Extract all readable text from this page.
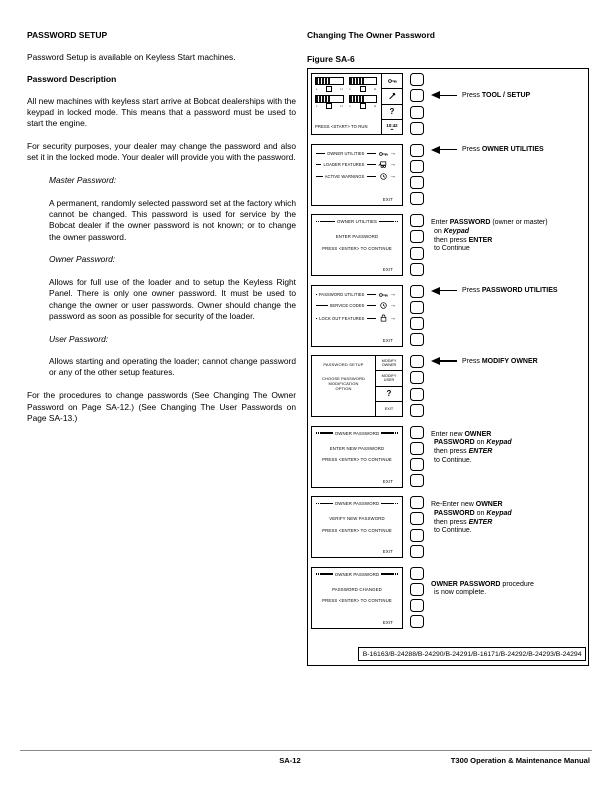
PASSWORD SETUP

Password Setup is available on Keyless Start machines.

Password Description

All new machines with keyless start arrive at Bobcat dealerships with the keypad in locked mode. This means that a password must be used to start the engine.

For security purposes, your dealer may change the password and also set it in the locked mode. Your dealer will provide you with the password.

Master Password:

A permanent, randomly selected password set at the factory which cannot be changed. This password is used for service by the Bobcat dealer if the owner password is not known; or to change the owner password.

Owner Password:

Allows for full use of the loader and to setup the Keyless Right Panel. There is only one owner password. It must be used to change the owner or user passwords. Owner should change the password as soon as possible for security of the loader.

User Password:

Allows starting and operating the loader; cannot change password or any of the other setup features.

For the procedures to change passwords (See Changing The Owner Password on Page SA-12.) (See Changing The User Passwords on Page SA-13.)

Changing The Owner Password
Figure SA-6
L	H L	H
L	H L	H
PRESS <START> TO RUN
?
10:42
▴▴
Press TOOL / SETUP
OWNER UTILITIES	→
LOADER FEATURES	→
ACTIVE WARNINGS	→
EXIT
Press OWNER UTILITIES
OWNER UTILITIES
ENTER PASSWORD
PRESS <ENTER> TO CONTINUE
EXIT
Enter PASSWORD (owner or master)
on Keypad
then press ENTER
to Continue
PASSWORD UTILITIES	→
SERVICE CODES	→
LOCK OUT FEATURES	→
EXIT
Press PASSWORD UTILITIES
PASSWORD SETUP
CHOOSE PASSWORD MODIFICATION OPTION
MODIFY OWNER
MODIFY USER
?
EXIT
Press MODIFY OWNER
OWNER PASSWORD
ENTER NEW PASSWORD
PRESS <ENTER> TO CONTINUE
EXIT
Enter new OWNER
PASSWORD on Keypad
then press ENTER
to Continue.
OWNER PASSWORD
VERIFY NEW PASSWORD
PRESS <ENTER> TO CONTINUE
EXIT
Re-Enter new OWNER
PASSWORD on Keypad
then press ENTER
to Continue.
OWNER PASSWORD
PASSWORD CHANGED
PRESS <ENTER> TO CONTINUE
EXIT
OWNER PASSWORD procedure
is now complete.
B-16163/B-24288/B-24290/B-24291/B-16171/B-24292/B-24293/B-24294
SA-12	T300 Operation & Maintenance Manual
